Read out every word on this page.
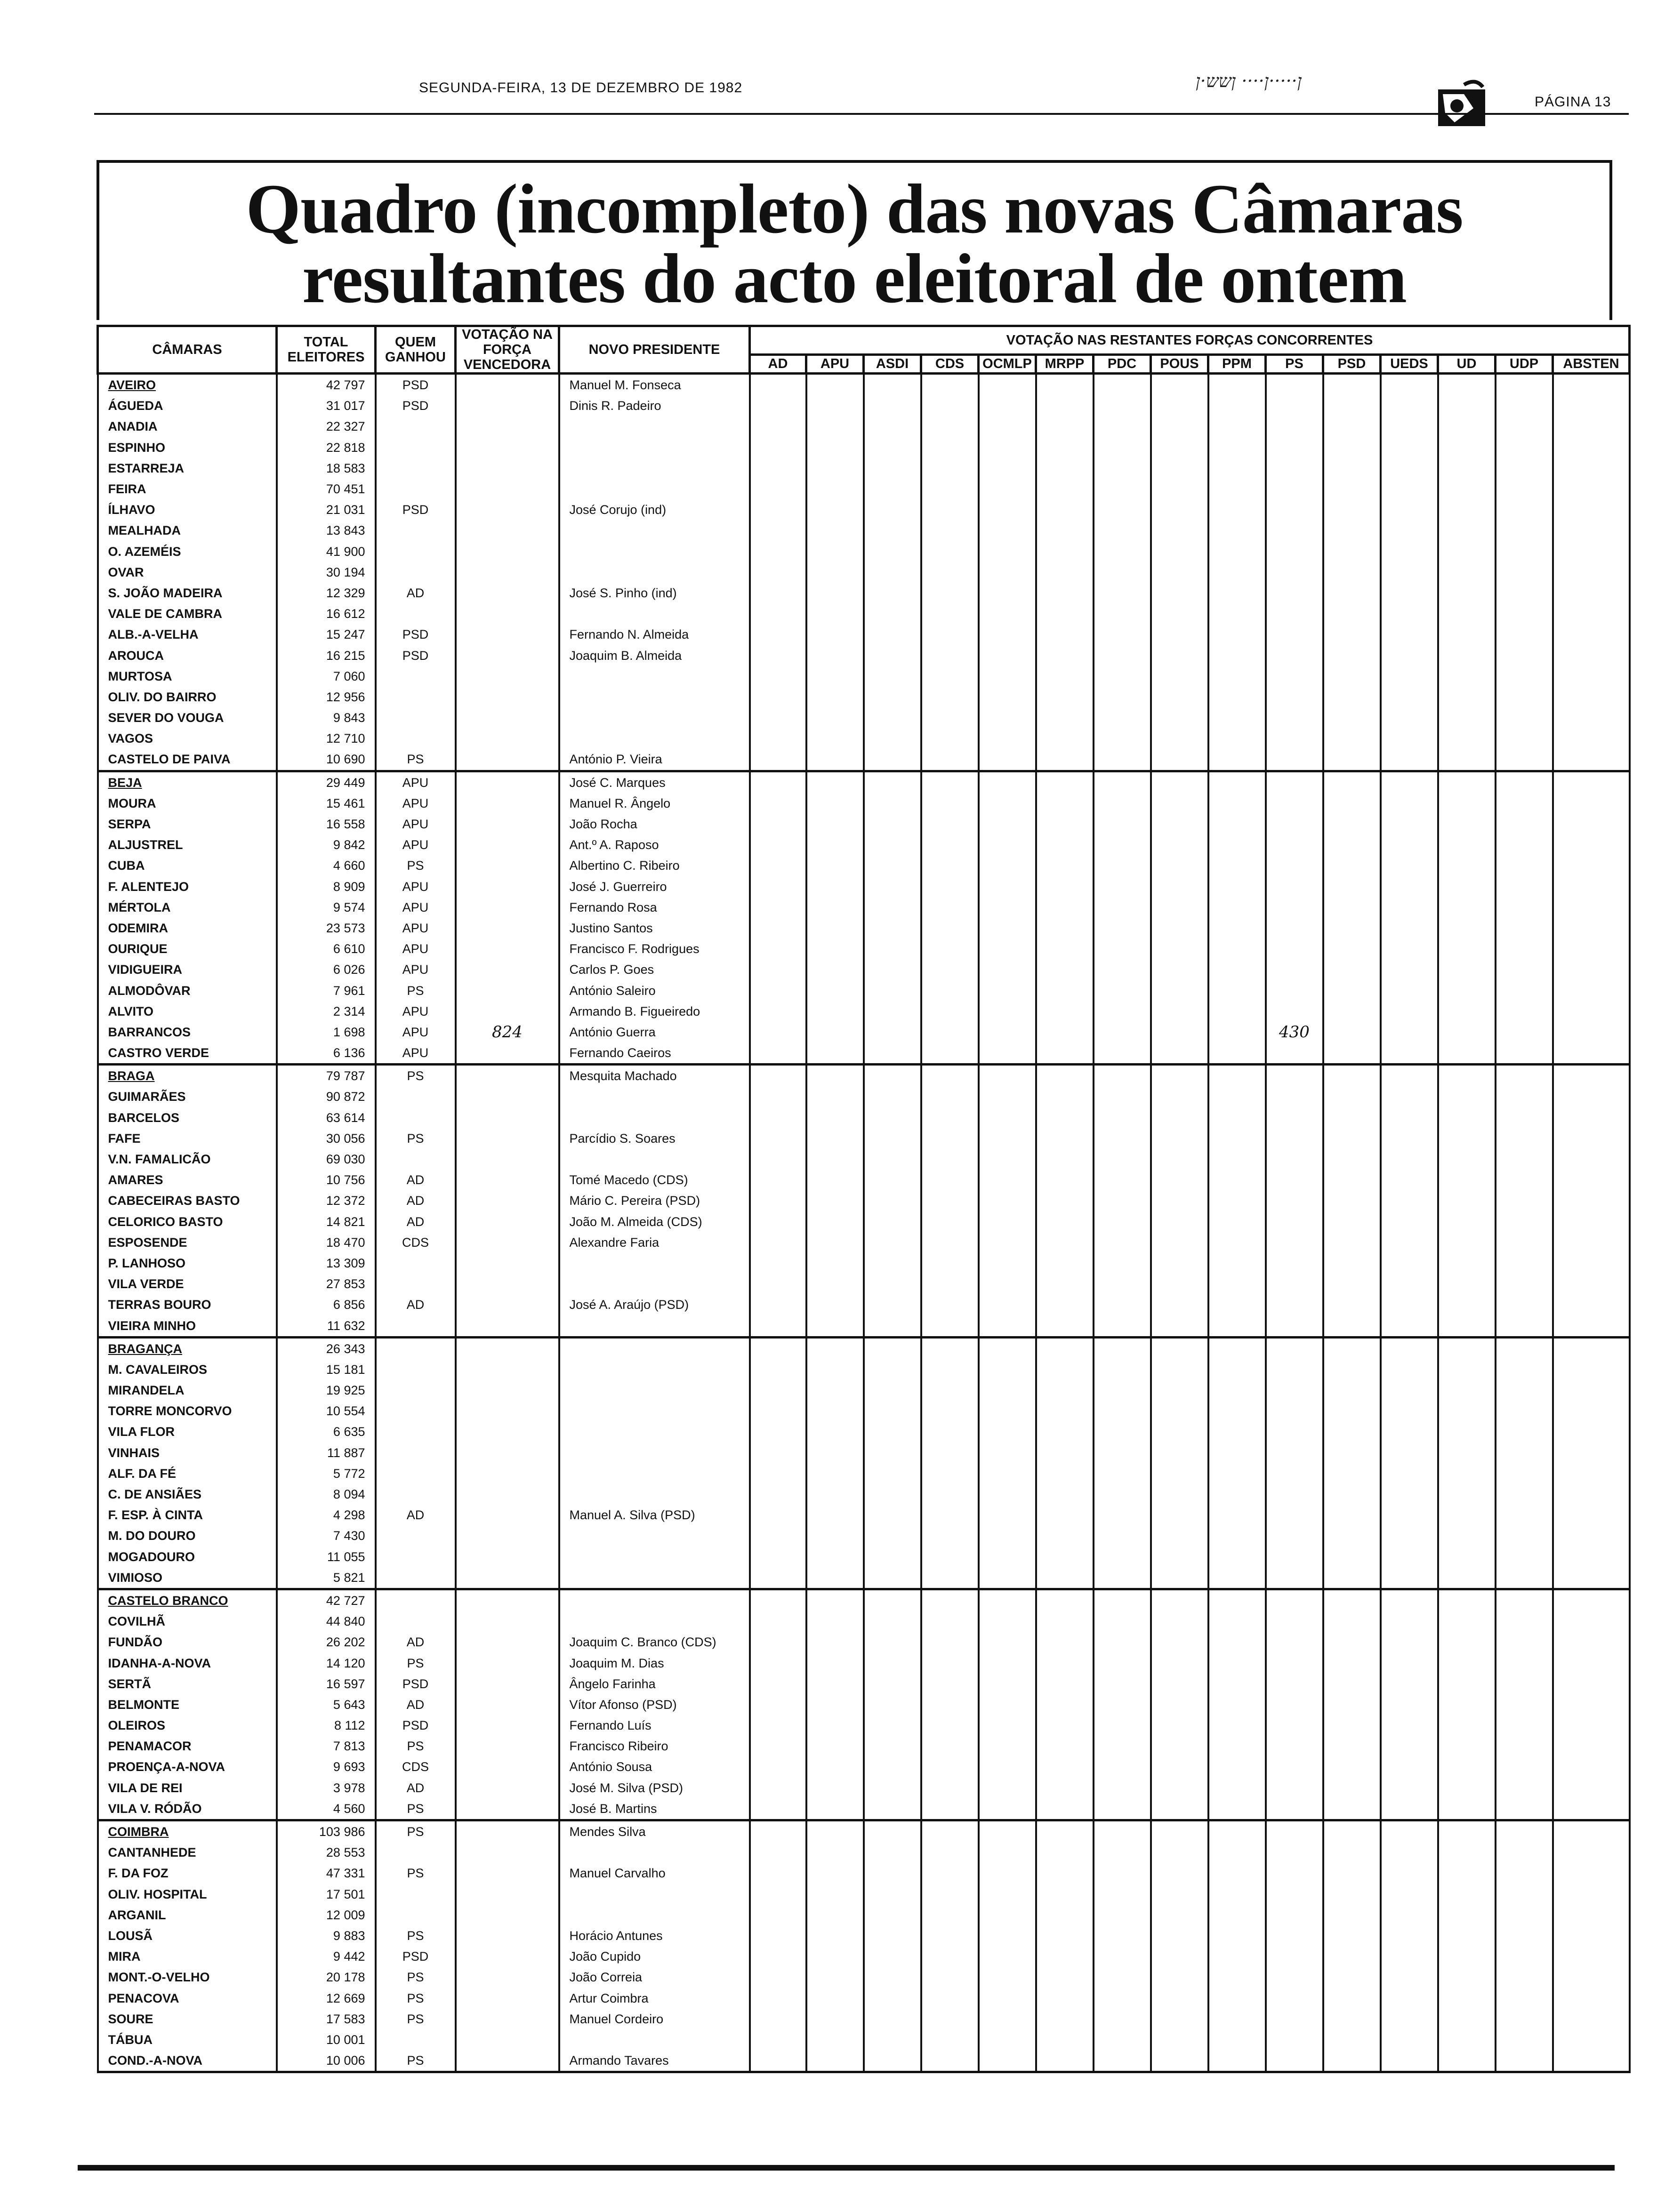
SEGUNDA-FEIRA, 13 DE DEZEMBRO DE 1982	ן·····ן···· ןשש·ן
PÁGINA 13
Quadro (incompleto) das novas Câmaras
resultantes do acto eleitoral de ontem
CÂMARAS	TOTAL ELEITORES	QUEM GANHOU	VOTAÇÃO NA FORÇA VENCEDORA	NOVO PRESIDENTE	VOTAÇÃO NAS RESTANTES FORÇAS CONCORRENTES														
					AD	APU	ASDI	CDS	OCMLP	MRPP	PDC	POUS	PPM	PS	PSD	UEDS	UD	UDP	ABSTEN
AVEIRO	42 797	PSD		Manuel M. Fonseca															
ÁGUEDA	31 017	PSD		Dinis R. Padeiro															
ANADIA	22 327																		
ESPINHO	22 818																		
ESTARREJA	18 583																		
FEIRA	70 451																		
ÍLHAVO	21 031	PSD		José Corujo (ind)															
MEALHADA	13 843																		
O. AZEMÉIS	41 900																		
OVAR	30 194																		
S. JOÃO MADEIRA	12 329	AD		José S. Pinho (ind)															
VALE DE CAMBRA	16 612																		
ALB.-A-VELHA	15 247	PSD		Fernando N. Almeida															
AROUCA	16 215	PSD		Joaquim B. Almeida															
MURTOSA	7 060																		
OLIV. DO BAIRRO	12 956																		
SEVER DO VOUGA	9 843																		
VAGOS	12 710																		
CASTELO DE PAIVA	10 690	PS		António P. Vieira															
BEJA	29 449	APU		José C. Marques															
MOURA	15 461	APU		Manuel R. Ângelo															
SERPA	16 558	APU		João Rocha															
ALJUSTREL	9 842	APU		Ant.º A. Raposo															
CUBA	4 660	PS		Albertino C. Ribeiro															
F. ALENTEJO	8 909	APU		José J. Guerreiro															
MÉRTOLA	9 574	APU		Fernando Rosa															
ODEMIRA	23 573	APU		Justino Santos															
OURIQUE	6 610	APU		Francisco F. Rodrigues															
VIDIGUEIRA	6 026	APU		Carlos P. Goes															
ALMODÔVAR	7 961	PS		António Saleiro															
ALVITO	2 314	APU		Armando B. Figueiredo															
BARRANCOS	1 698	APU	824	António Guerra										430					
CASTRO VERDE	6 136	APU		Fernando Caeiros															
BRAGA	79 787	PS		Mesquita Machado															
GUIMARÃES	90 872																		
BARCELOS	63 614																		
FAFE	30 056	PS		Parcídio S. Soares															
V.N. FAMALICÃO	69 030																		
AMARES	10 756	AD		Tomé Macedo (CDS)															
CABECEIRAS BASTO	12 372	AD		Mário C. Pereira (PSD)															
CELORICO BASTO	14 821	AD		João M. Almeida (CDS)															
ESPOSENDE	18 470	CDS		Alexandre Faria															
P. LANHOSO	13 309																		
VILA VERDE	27 853																		
TERRAS BOURO	6 856	AD		José A. Araújo (PSD)															
VIEIRA MINHO	11 632																		
BRAGANÇA	26 343																		
M. CAVALEIROS	15 181																		
MIRANDELA	19 925																		
TORRE MONCORVO	10 554																		
VILA FLOR	6 635																		
VINHAIS	11 887																		
ALF. DA FÉ	5 772																		
C. DE ANSIÃES	8 094																		
F. ESP. À CINTA	4 298	AD		Manuel A. Silva (PSD)															
M. DO DOURO	7 430																		
MOGADOURO	11 055																		
VIMIOSO	5 821																		
CASTELO BRANCO	42 727																		
COVILHÃ	44 840																		
FUNDÃO	26 202	AD		Joaquim C. Branco (CDS)															
IDANHA-A-NOVA	14 120	PS		Joaquim M. Dias															
SERTÃ	16 597	PSD		Ângelo Farinha															
BELMONTE	5 643	AD		Vítor Afonso (PSD)															
OLEIROS	8 112	PSD		Fernando Luís															
PENAMACOR	7 813	PS		Francisco Ribeiro															
PROENÇA-A-NOVA	9 693	CDS		António Sousa															
VILA DE REI	3 978	AD		José M. Silva (PSD)															
VILA V. RÓDÃO	4 560	PS		José B. Martins															
COIMBRA	103 986	PS		Mendes Silva															
CANTANHEDE	28 553																		
F. DA FOZ	47 331	PS		Manuel Carvalho															
OLIV. HOSPITAL	17 501																		
ARGANIL	12 009																		
LOUSÃ	9 883	PS		Horácio Antunes															
MIRA	9 442	PSD		João Cupido															
MONT.-O-VELHO	20 178	PS		João Correia															
PENACOVA	12 669	PS		Artur Coimbra															
SOURE	17 583	PS		Manuel Cordeiro															
TÁBUA	10 001																		
COND.-A-NOVA	10 006	PS		Armando Tavares															
